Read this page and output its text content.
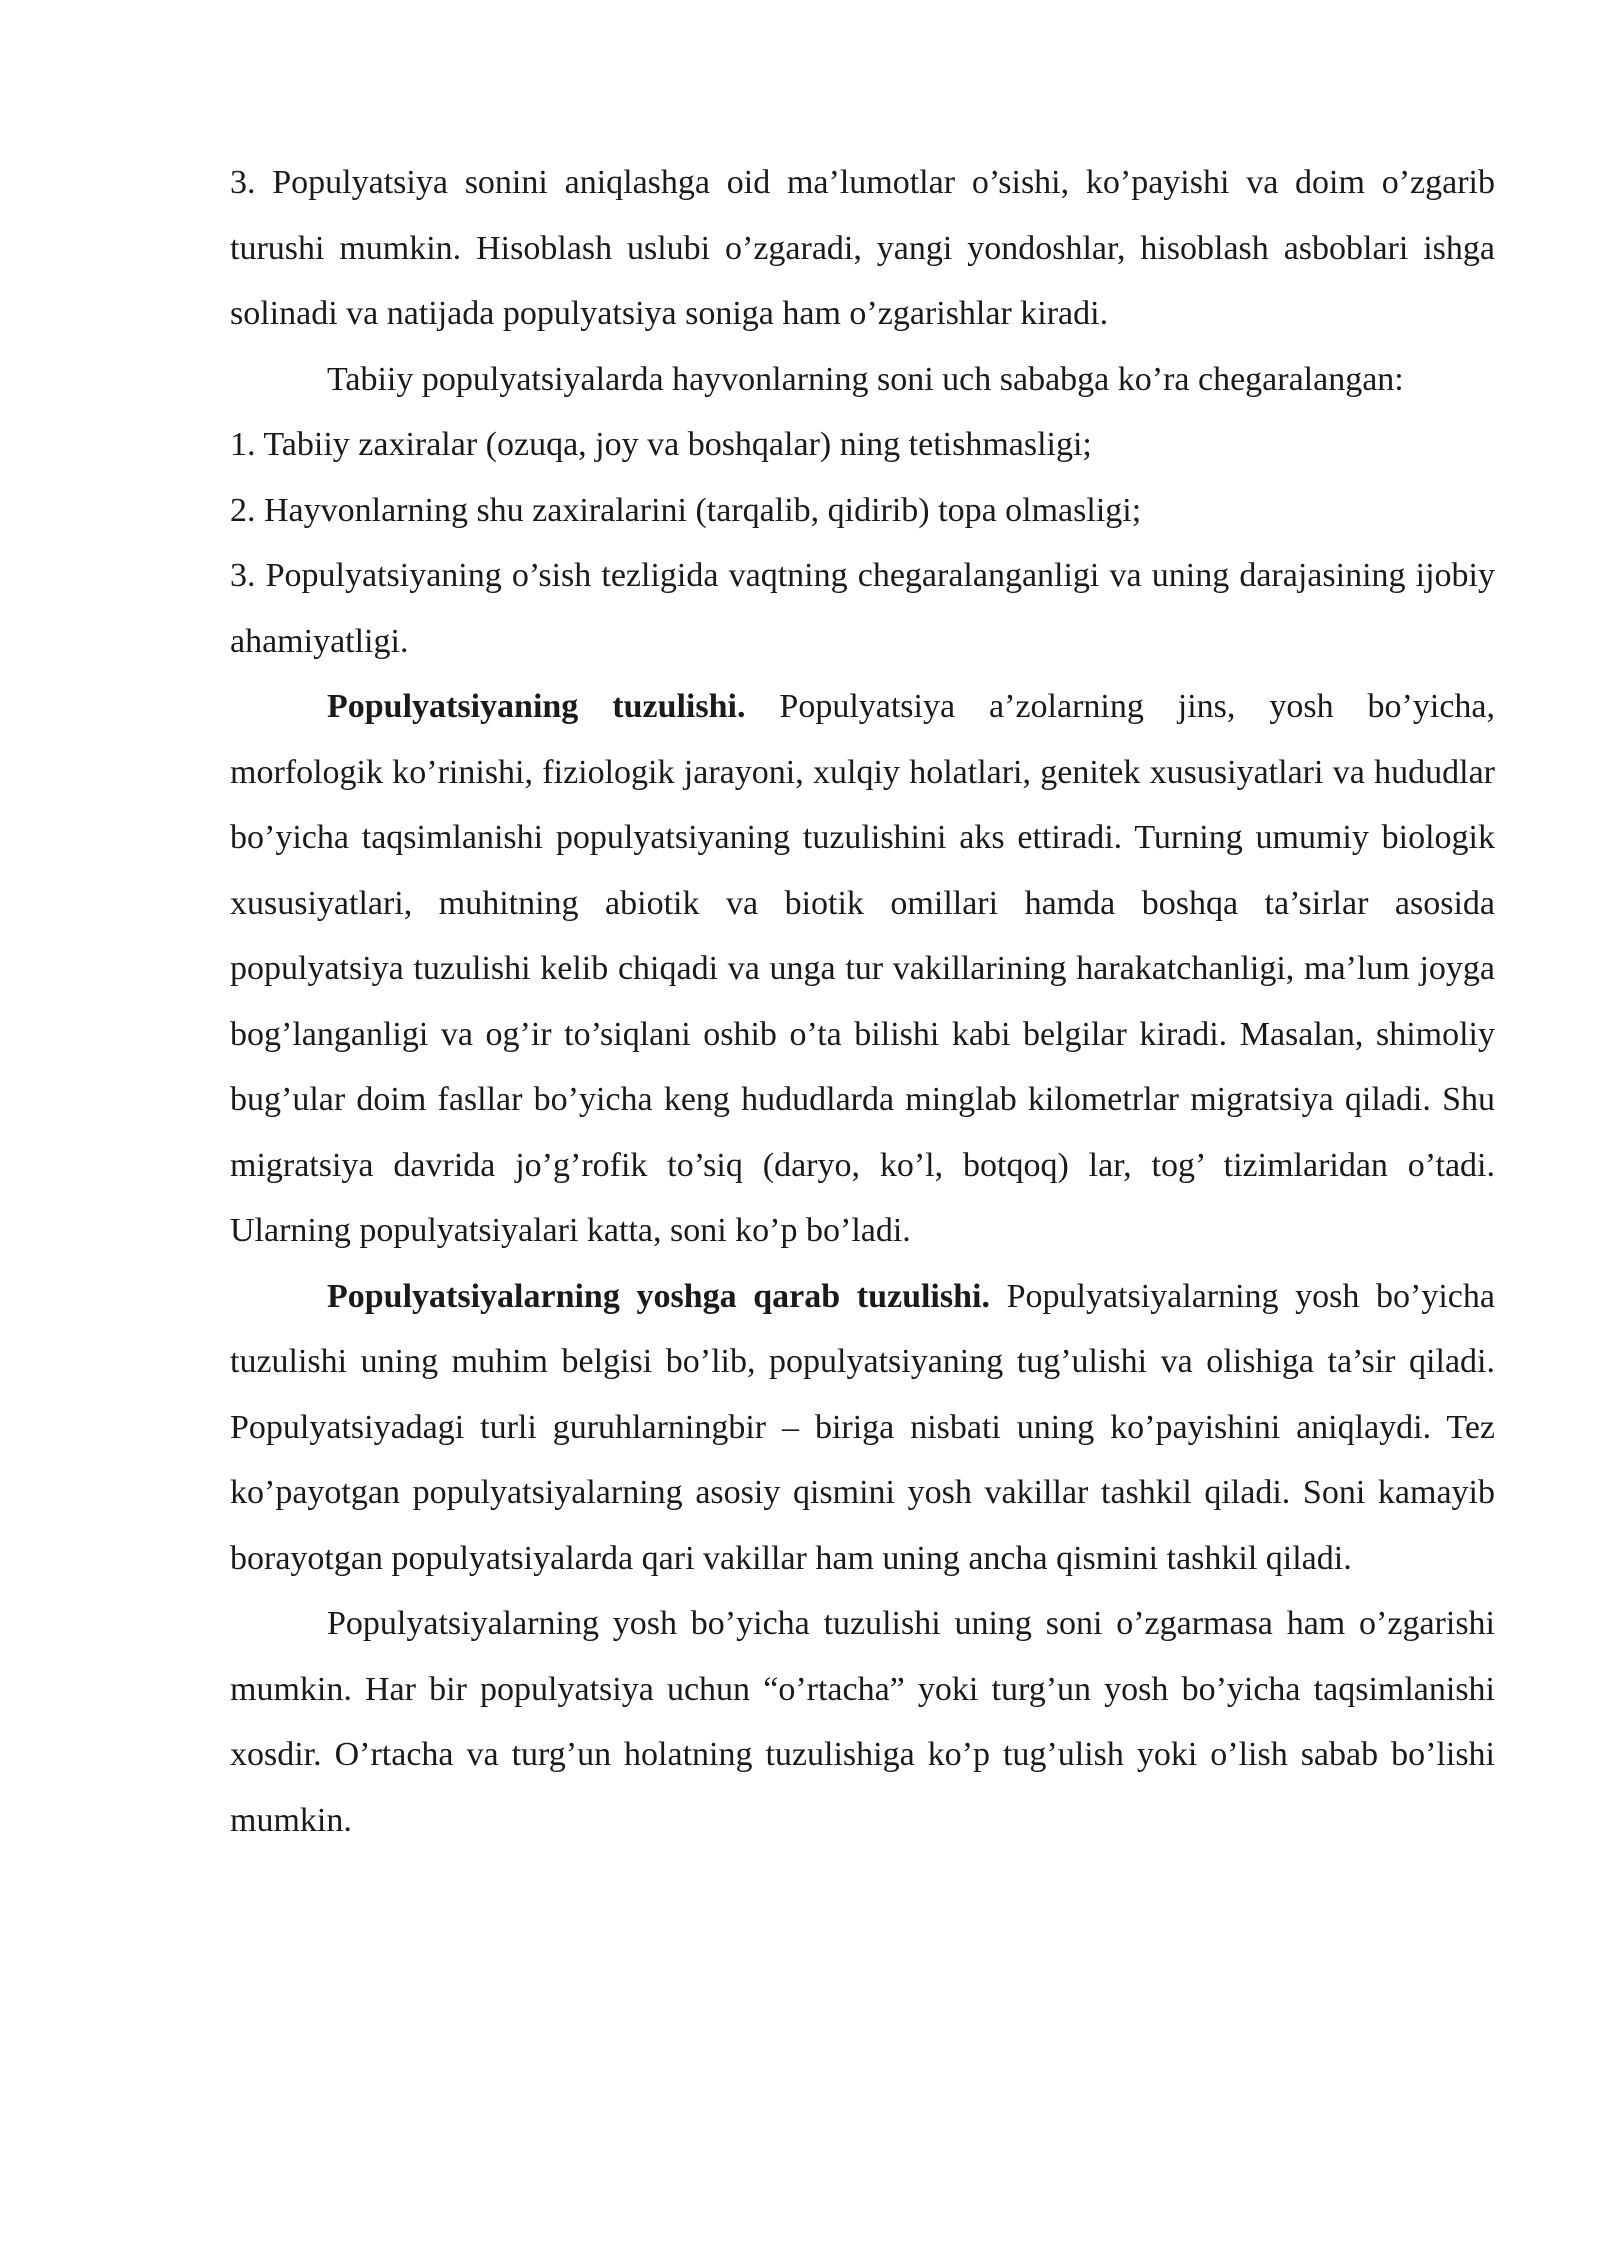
3. Populyatsiya sonini aniqlashga oid ma’lumotlar o’sishi, ko’payishi va doim o’zgarib turushi mumkin. Hisoblash uslubi o’zgaradi, yangi yondoshlar, hisoblash asboblari ishga solinadi va natijada populyatsiya soniga ham o’zgarishlar kiradi.

Tabiiy populyatsiyalarda hayvonlarning soni uch sababga ko’ra chegaralangan:

1. Tabiiy zaxiralar (ozuqa, joy va boshqalar) ning tetishmasligi;

2. Hayvonlarning shu zaxiralarini (tarqalib, qidirib) topa olmasligi;

3. Populyatsiyaning o’sish tezligida vaqtning chegaralanganligi va uning darajasining ijobiy ahamiyatligi.

Populyatsiyaning tuzulishi. Populyatsiya a’zolarning jins, yosh bo’yicha, morfologik ko’rinishi, fiziologik jarayoni, xulqiy holatlari, genitek xususiyatlari va hududlar bo’yicha taqsimlanishi populyatsiyaning tuzulishini aks ettiradi. Turning umumiy biologik xususiyatlari, muhitning abiotik va biotik omillari hamda boshqa ta’sirlar asosida populyatsiya tuzulishi kelib chiqadi va unga tur vakillarining harakatchanligi, ma’lum joyga bog’langanligi va og’ir to’siqlani oshib o’ta bilishi kabi belgilar kiradi. Masalan, shimoliy bug’ular doim fasllar bo’yicha keng hududlarda minglab kilometrlar migratsiya qiladi. Shu migratsiya davrida jo’g’rofik to’siq (daryo, ko’l, botqoq) lar, tog’ tizimlaridan o’tadi. Ularning populyatsiyalari katta, soni ko’p bo’ladi.

Populyatsiyalarning yoshga qarab tuzulishi. Populyatsiyalarning yosh bo’yicha tuzulishi uning muhim belgisi bo’lib, populyatsiyaning tug’ulishi va olishiga ta’sir qiladi. Populyatsiyadagi turli guruhlarningbir – biriga nisbati uning ko’payishini aniqlaydi. Tez ko’payotgan populyatsiyalarning asosiy qismini yosh vakillar tashkil qiladi. Soni kamayib borayotgan populyatsiyalarda qari vakillar ham uning ancha qismini tashkil qiladi.

Populyatsiyalarning yosh bo’yicha tuzulishi uning soni o’zgarmasa ham o’zgarishi mumkin. Har bir populyatsiya uchun “o’rtacha” yoki turg’un yosh bo’yicha taqsimlanishi xosdir. O’rtacha va turg’un holatning tuzulishiga ko’p tug’ulish yoki o’lish sabab bo’lishi mumkin.
